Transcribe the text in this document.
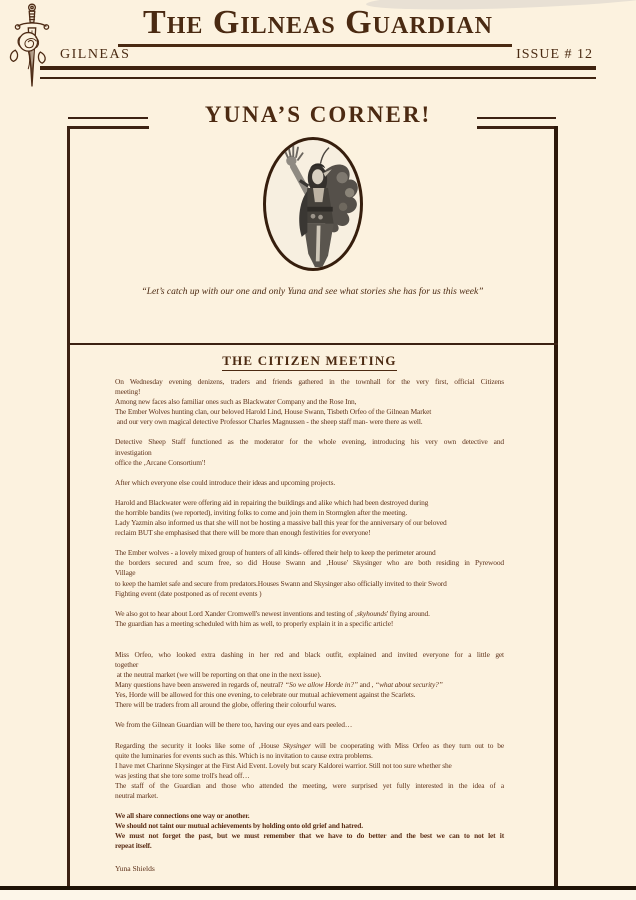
The Gilneas Guardian
GILNEAS	ISSUE # 12
YUNA’S CORNER!
“Let’s catch up with our one and only Yuna and see what stories she has for us this week”
THE CITIZEN MEETING
On Wednesday evening denizens, traders and friends gathered in the townhall for the very first, official Citizens
meeting!
Among new faces also familiar ones such as Blackwater Company and the Rose Inn,
The Ember Wolves hunting clan, our beloved Harold Lind, House Swann, Tisbeth Orfeo of the Gilnean Market
and our very own magical detective Professor Charles Magnussen - the sheep staff man- were there as well.
Detective Sheep Staff functioned as the moderator for the whole evening, introducing his very own detective and
investigation
office the ‚Arcane Consortium'!
After which everyone else could introduce their ideas and upcoming projects.
Harold and Blackwater were offering aid in repairing the buildings and alike which had been destroyed during
the horrible bandits (we reported), inviting folks to come and join them in Stormglen after the meeting.
Lady Yazmin also informed us that she will not be hosting a massive ball this year for the anniversary of our beloved
reclaim BUT she emphasised that there will be more than enough festivities for everyone!
The Ember wolves - a lovely mixed group of hunters of all kinds- offered their help to keep the perimeter around
the borders secured and scum free, so did House Swann and ‚House' Skysinger who are both residing in Pyrewood
Village
to keep the hamlet safe and secure from predators.Houses Swann and Skysinger also officially invited to their Sword
Fighting event (date postponed as of recent events )
We also got to hear about Lord Xander Cromwell's newest inventions and testing of ‚skyhounds' flying around.
The guardian has a meeting scheduled with him as well, to properly explain it in a specific article!
Miss Orfeo, who looked extra dashing in her red and black outfit, explained and invited everyone for a little get
together
at the neutral market (we will be reporting on that one in the next issue).
Many questions have been answered in regards of, neutral? “So we allow Horde in?” and , “what about security?”
Yes, Horde will be allowed for this one evening, to celebrate our mutual achievement against the Scarlets.
There will be traders from all around the globe, offering their colourful wares.
We from the Gilnean Guardian will be there too, having our eyes and ears peeled…
Regarding the security it looks like some of ‚House Skysinger will be cooperating with Miss Orfeo as they turn out to be
quite the luminaries for events such as this. Which is no invitation to cause extra problems.
I have met Charinne Skysinger at the First Aid Event. Lovely but scary Kaldorei warrior. Still not too sure whether she
was jesting that she tore some troll's head off…
The staff of the Guardian and those who attended the meeting, were surprised yet fully interested in the idea of a
neutral market.
We all share connections one way or another.
We should not taint our mutual achievements by holding onto old grief and hatred.
We must not forget the past, but we must remember that we have to do better and the best we can to not let it
repeat itself.
Yuna Shields
